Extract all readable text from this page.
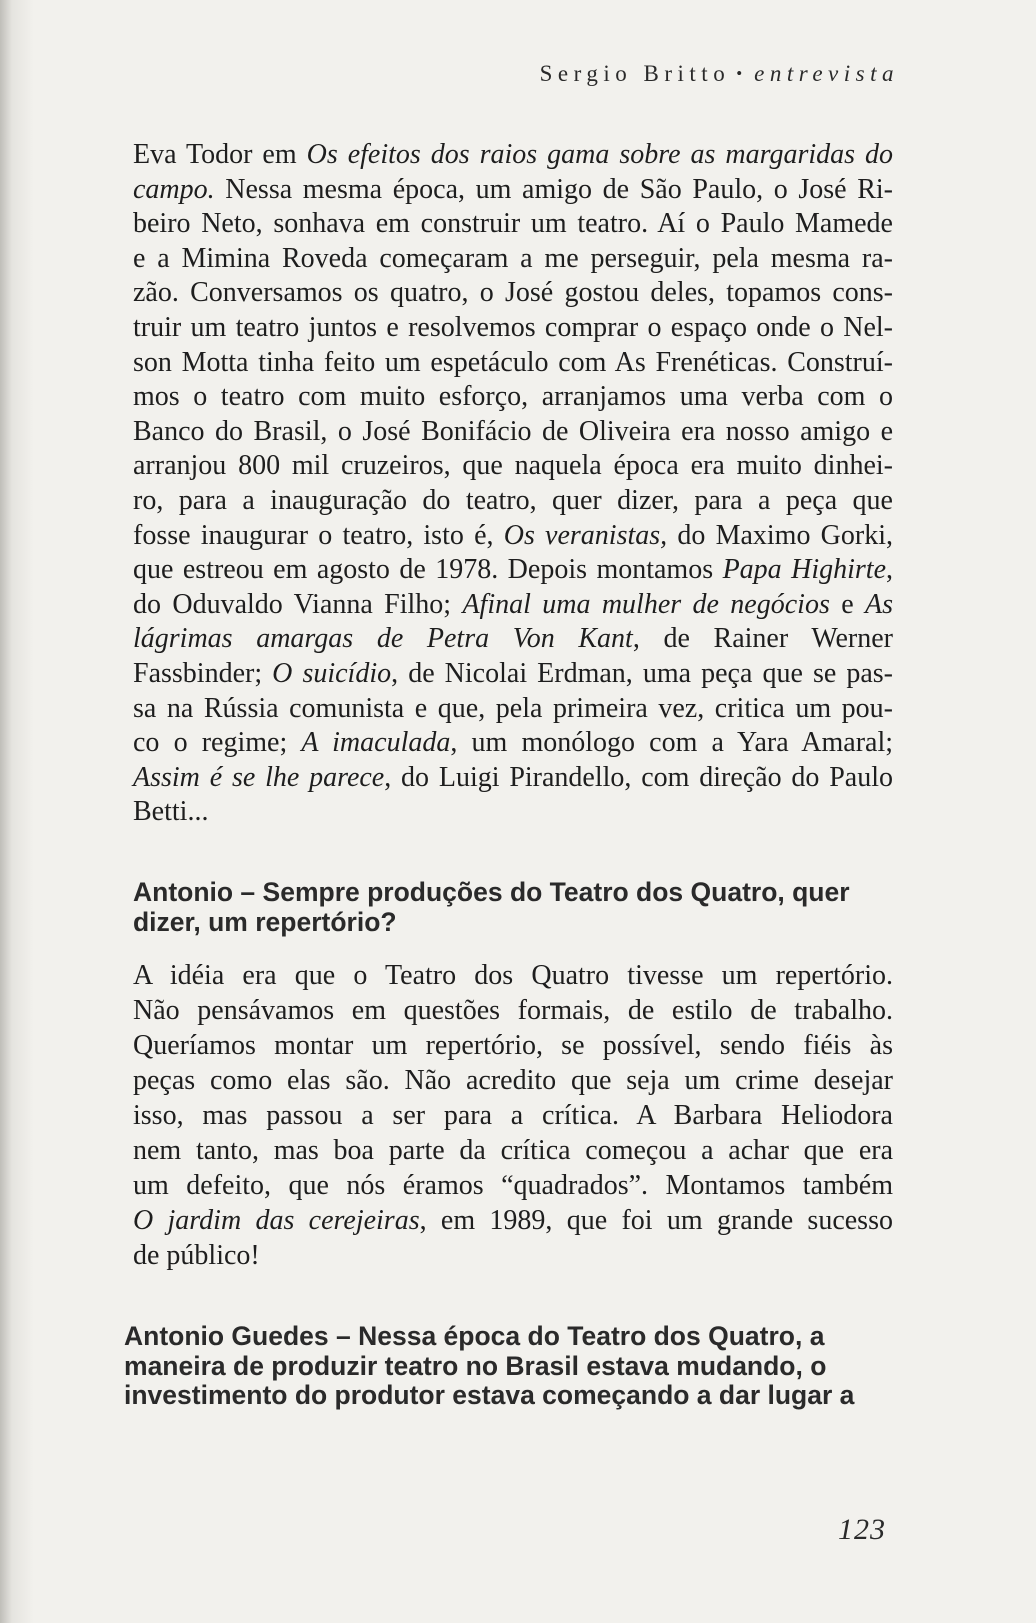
Sergio Britto • entrevista
Eva Todor em Os efeitos dos raios gama sobre as margaridas do
campo. Nessa mesma época, um amigo de São Paulo, o José Ri-
beiro Neto, sonhava em construir um teatro. Aí o Paulo Mamede
e a Mimina Roveda começaram a me perseguir, pela mesma ra-
zão. Conversamos os quatro, o José gostou deles, topamos cons-
truir um teatro juntos e resolvemos comprar o espaço onde o Nel-
son Motta tinha feito um espetáculo com As Frenéticas. Construí-
mos o teatro com muito esforço, arranjamos uma verba com o
Banco do Brasil, o José Bonifácio de Oliveira era nosso amigo e
arranjou 800 mil cruzeiros, que naquela época era muito dinhei-
ro, para a inauguração do teatro, quer dizer, para a peça que
fosse inaugurar o teatro, isto é, Os veranistas, do Maximo Gorki,
que estreou em agosto de 1978. Depois montamos Papa Highirte,
do Oduvaldo Vianna Filho; Afinal uma mulher de negócios e As
lágrimas amargas de Petra Von Kant, de Rainer Werner
Fassbinder; O suicídio, de Nicolai Erdman, uma peça que se pas-
sa na Rússia comunista e que, pela primeira vez, critica um pou-
co o regime; A imaculada, um monólogo com a Yara Amaral;
Assim é se lhe parece, do Luigi Pirandello, com direção do Paulo
Betti...
Antonio – Sempre produções do Teatro dos Quatro, quer
dizer, um repertório?
A idéia era que o Teatro dos Quatro tivesse um repertório.
Não pensávamos em questões formais, de estilo de trabalho.
Queríamos montar um repertório, se possível, sendo fiéis às
peças como elas são. Não acredito que seja um crime desejar
isso, mas passou a ser para a crítica. A Barbara Heliodora
nem tanto, mas boa parte da crítica começou a achar que era
um defeito, que nós éramos “quadrados”. Montamos também
O jardim das cerejeiras, em 1989, que foi um grande sucesso
de público!
Antonio Guedes – Nessa época do Teatro dos Quatro, a
maneira de produzir teatro no Brasil estava mudando, o
investimento do produtor estava começando a dar lugar a
123
